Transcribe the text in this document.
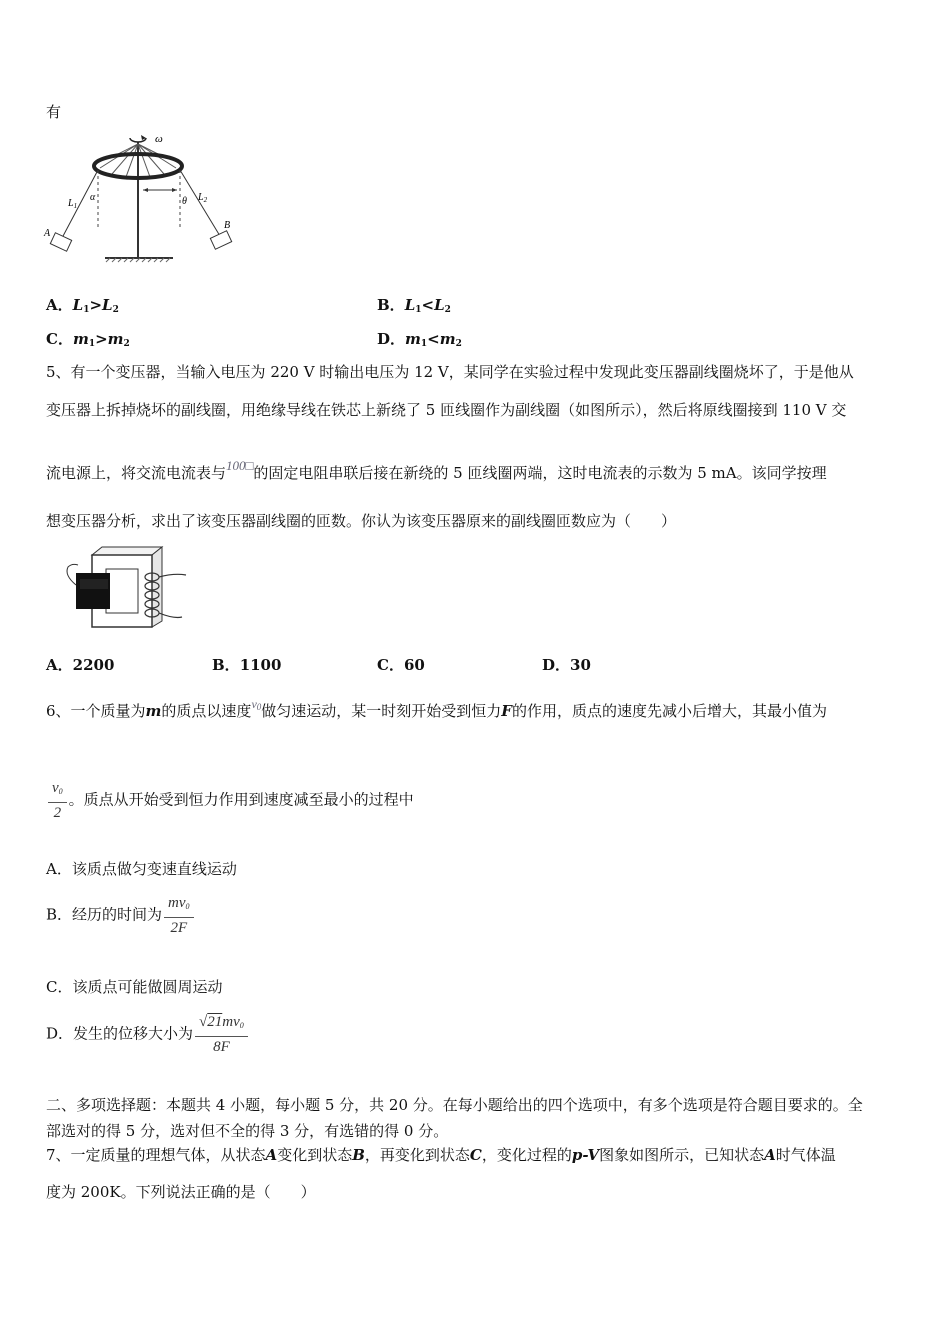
有
ω
$L_1$
α	θ $L_2$
A
B
A．$L_1>L_2$	B．$L_1<L_2$
C．$m_1>m_2$	D．$m_1<m_2$
5、有一个变压器，当输入电压为 220 V 时输出电压为 12 V，某同学在实验过程中发现此变压器副线圈烧坏了，于是他从
变压器上拆掉烧坏的副线圈，用绝缘导线在铁芯上新绕了 5 匝线圈作为副线圈（如图所示），然后将原线圈接到 110 V 交
流电源上，将交流电流表与100□的固定电阻串联后接在新绕的 5 匝线圈两端，这时电流表的示数为 5 mA。该同学按理
想变压器分析，求出了该变压器副线圈的匝数。你认为该变压器原来的副线圈匝数应为（　　）
A．2200	B．1100	C．60	D．30
6、一个质量为m的质点以速度$^{v_0}$做匀速运动，某一时刻开始受到恒力F的作用，质点的速度先减小后增大，其最小值为
$\frac{v_0}{2}$ 。质点从开始受到恒力作用到速度减至最小的过程中
A．该质点做匀变速直线运动
B．经历的时间为 $\frac{mv_0}{2F}$
C．该质点可能做圆周运动
D．发生的位移大小为 $\frac{√21mv_0}{8F}$
二、多项选择题：本题共 4 小题，每小题 5 分，共 20 分。在每小题给出的四个选项中，有多个选项是符合题目要求的。全
部选对的得 5 分，选对但不全的得 3 分，有选错的得 0 分。
7、一定质量的理想气体，从状态A变化到状态B，再变化到状态C，变化过程的p-V图象如图所示，已知状态A时气体温
度为 200K。下列说法正确的是（　　）
